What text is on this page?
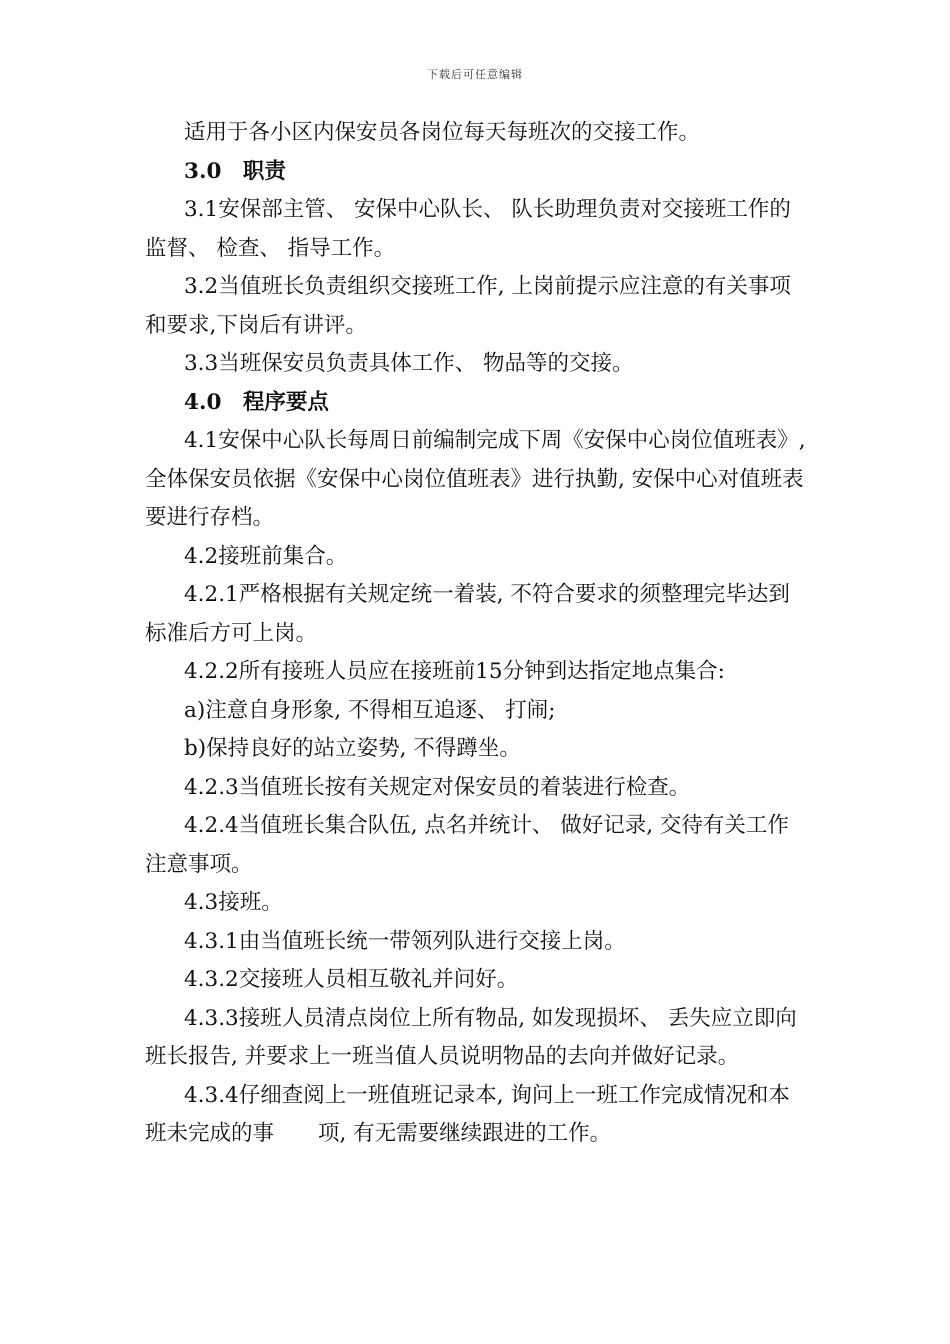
下载后可任意编辑

适用于各小区内保安员各岗位每天每班次的交接工作。

3.0　职责

3.1安保部主管、 安保中心队长、 队长助理负责对交接班工作的监督、 检查、 指导工作。

3.2当值班长负责组织交接班工作, 上岗前提示应注意的有关事项和要求,下岗后有讲评。

3.3当班保安员负责具体工作、 物品等的交接。

4.0　程序要点

4.1安保中心队长每周日前编制完成下周《安保中心岗位值班表》, 全体保安员依据《安保中心岗位值班表》进行执勤, 安保中心对值班表要进行存档。

4.2接班前集合。

4.2.1严格根据有关规定统一着装, 不符合要求的须整理完毕达到标准后方可上岗。

4.2.2所有接班人员应在接班前15分钟到达指定地点集合:

a)注意自身形象, 不得相互追逐、 打闹;

b)保持良好的站立姿势, 不得蹲坐。

4.2.3当值班长按有关规定对保安员的着装进行检查。

4.2.4当值班长集合队伍, 点名并统计、 做好记录, 交待有关工作注意事项。

4.3接班。

4.3.1由当值班长统一带领列队进行交接上岗。

4.3.2交接班人员相互敬礼并问好。

4.3.3接班人员清点岗位上所有物品, 如发现损坏、 丢失应立即向班长报告, 并要求上一班当值人员说明物品的去向并做好记录。

4.3.4仔细查阅上一班值班记录本, 询问上一班工作完成情况和本班未完成的事 项, 有无需要继续跟进的工作。
